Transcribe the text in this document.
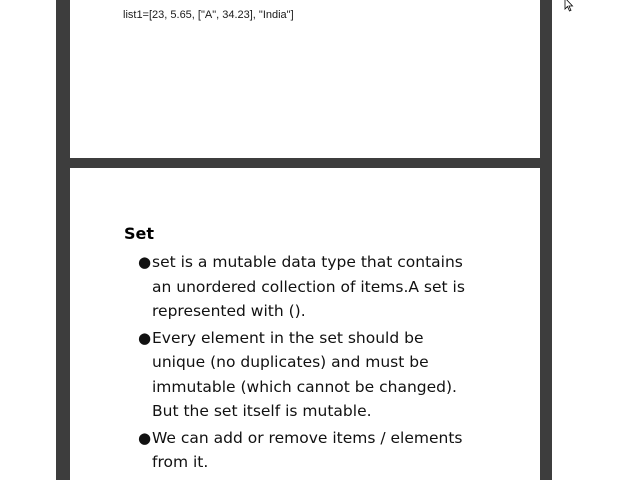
list1=[23, 5.65, ["A", 34.23], "India"]
Set
● set is a mutable data type that contains
an unordered collection of items.A set is
represented with ().
● Every element in the set should be
unique (no duplicates) and must be
immutable (which cannot be changed).
But the set itself is mutable.
● We can add or remove items / elements
from it.
